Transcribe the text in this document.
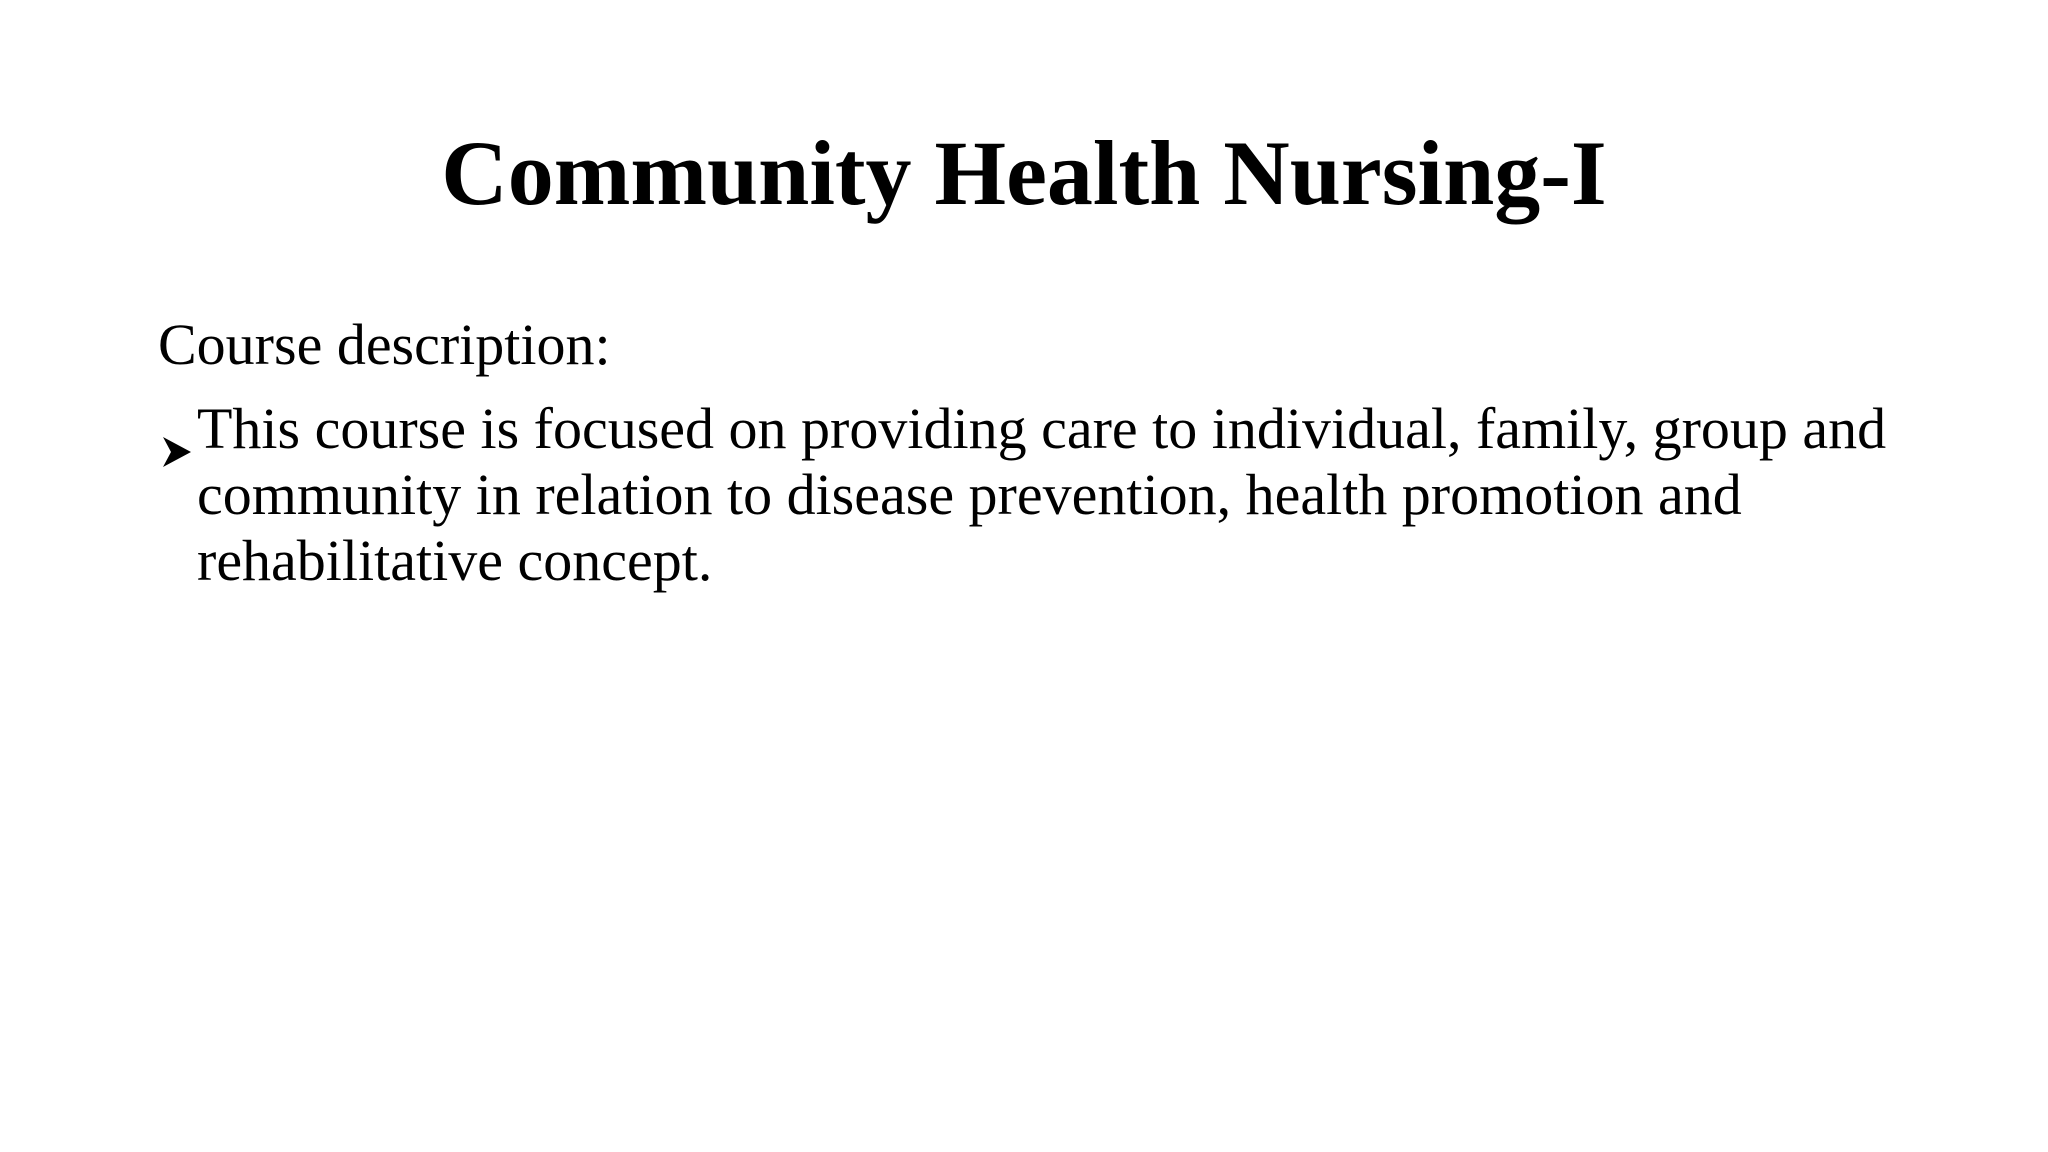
Community Health Nursing-I

Course description:

This course is focused on providing care to individual, family, group and community in relation to disease prevention, health promotion and rehabilitative concept.
